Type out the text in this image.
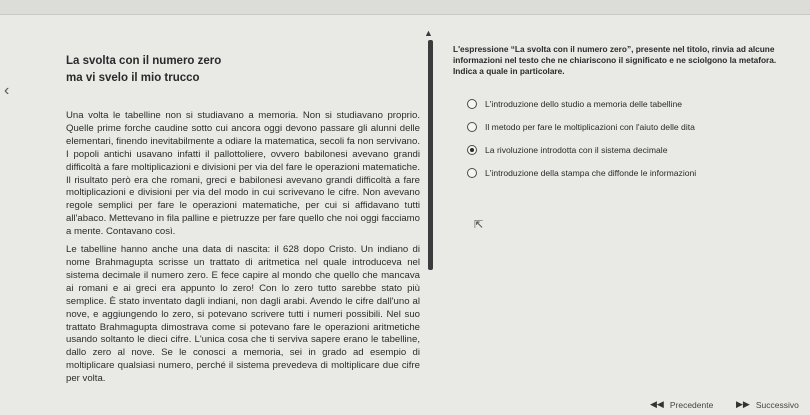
‹
La svolta con il numero zero
ma vi svelo il mio trucco

Una volta le tabelline non si studiavano a memoria. Non si studiavano proprio. Quelle prime forche caudine sotto cui ancora oggi devono passare gli alunni delle elementari, finendo inevitabilmente a odiare la matematica, secoli fa non servivano. I popoli antichi usavano infatti il pallottoliere, ovvero babilonesi avevano grandi difficoltà a fare moltiplicazioni e divisioni per via del fare le operazioni matematiche. Il risultato però era che romani, greci e babilonesi avevano grandi difficoltà a fare moltiplicazioni e divisioni per via del modo in cui scrivevano le cifre. Non avevano regole semplici per fare le operazioni matematiche, per cui si affidavano tutti all'abaco. Mettevano in fila palline e pietruzze per fare quello che noi oggi facciamo a mente. Contavano così.

Le tabelline hanno anche una data di nascita: il 628 dopo Cristo. Un indiano di nome Brahmagupta scrisse un trattato di aritmetica nel quale introduceva nel sistema decimale il numero zero. E fece capire al mondo che quello che mancava ai romani e ai greci era appunto lo zero! Con lo zero tutto sarebbe stato più semplice. È stato inventato dagli indiani, non dagli arabi. Avendo le cifre dall'uno al nove, e aggiungendo lo zero, si potevano scrivere tutti i numeri possibili. Nel suo trattato Brahmagupta dimostrava come si potevano fare le operazioni aritmetiche usando soltanto le dieci cifre. L'unica cosa che ti serviva sapere erano le tabelline, dallo zero al nove. Se le conosci a memoria, sei in grado ad esempio di moltiplicare qualsiasi numero, perché il sistema prevedeva di moltiplicare due cifre per volta.

▲
L'espressione “La svolta con il numero zero”, presente nel titolo, rinvia ad alcune informazioni nel testo che ne chiariscono il significato e ne sciolgono la metafora. Indica a quale in particolare.
L'introduzione dello studio a memoria delle tabelline
Il metodo per fare le moltiplicazioni con l'aiuto delle dita
La rivoluzione introdotta con il sistema decimale
L'introduzione della stampa che diffonde le informazioni
⇱
◀◀ Precedente	▶▶ Successivo
